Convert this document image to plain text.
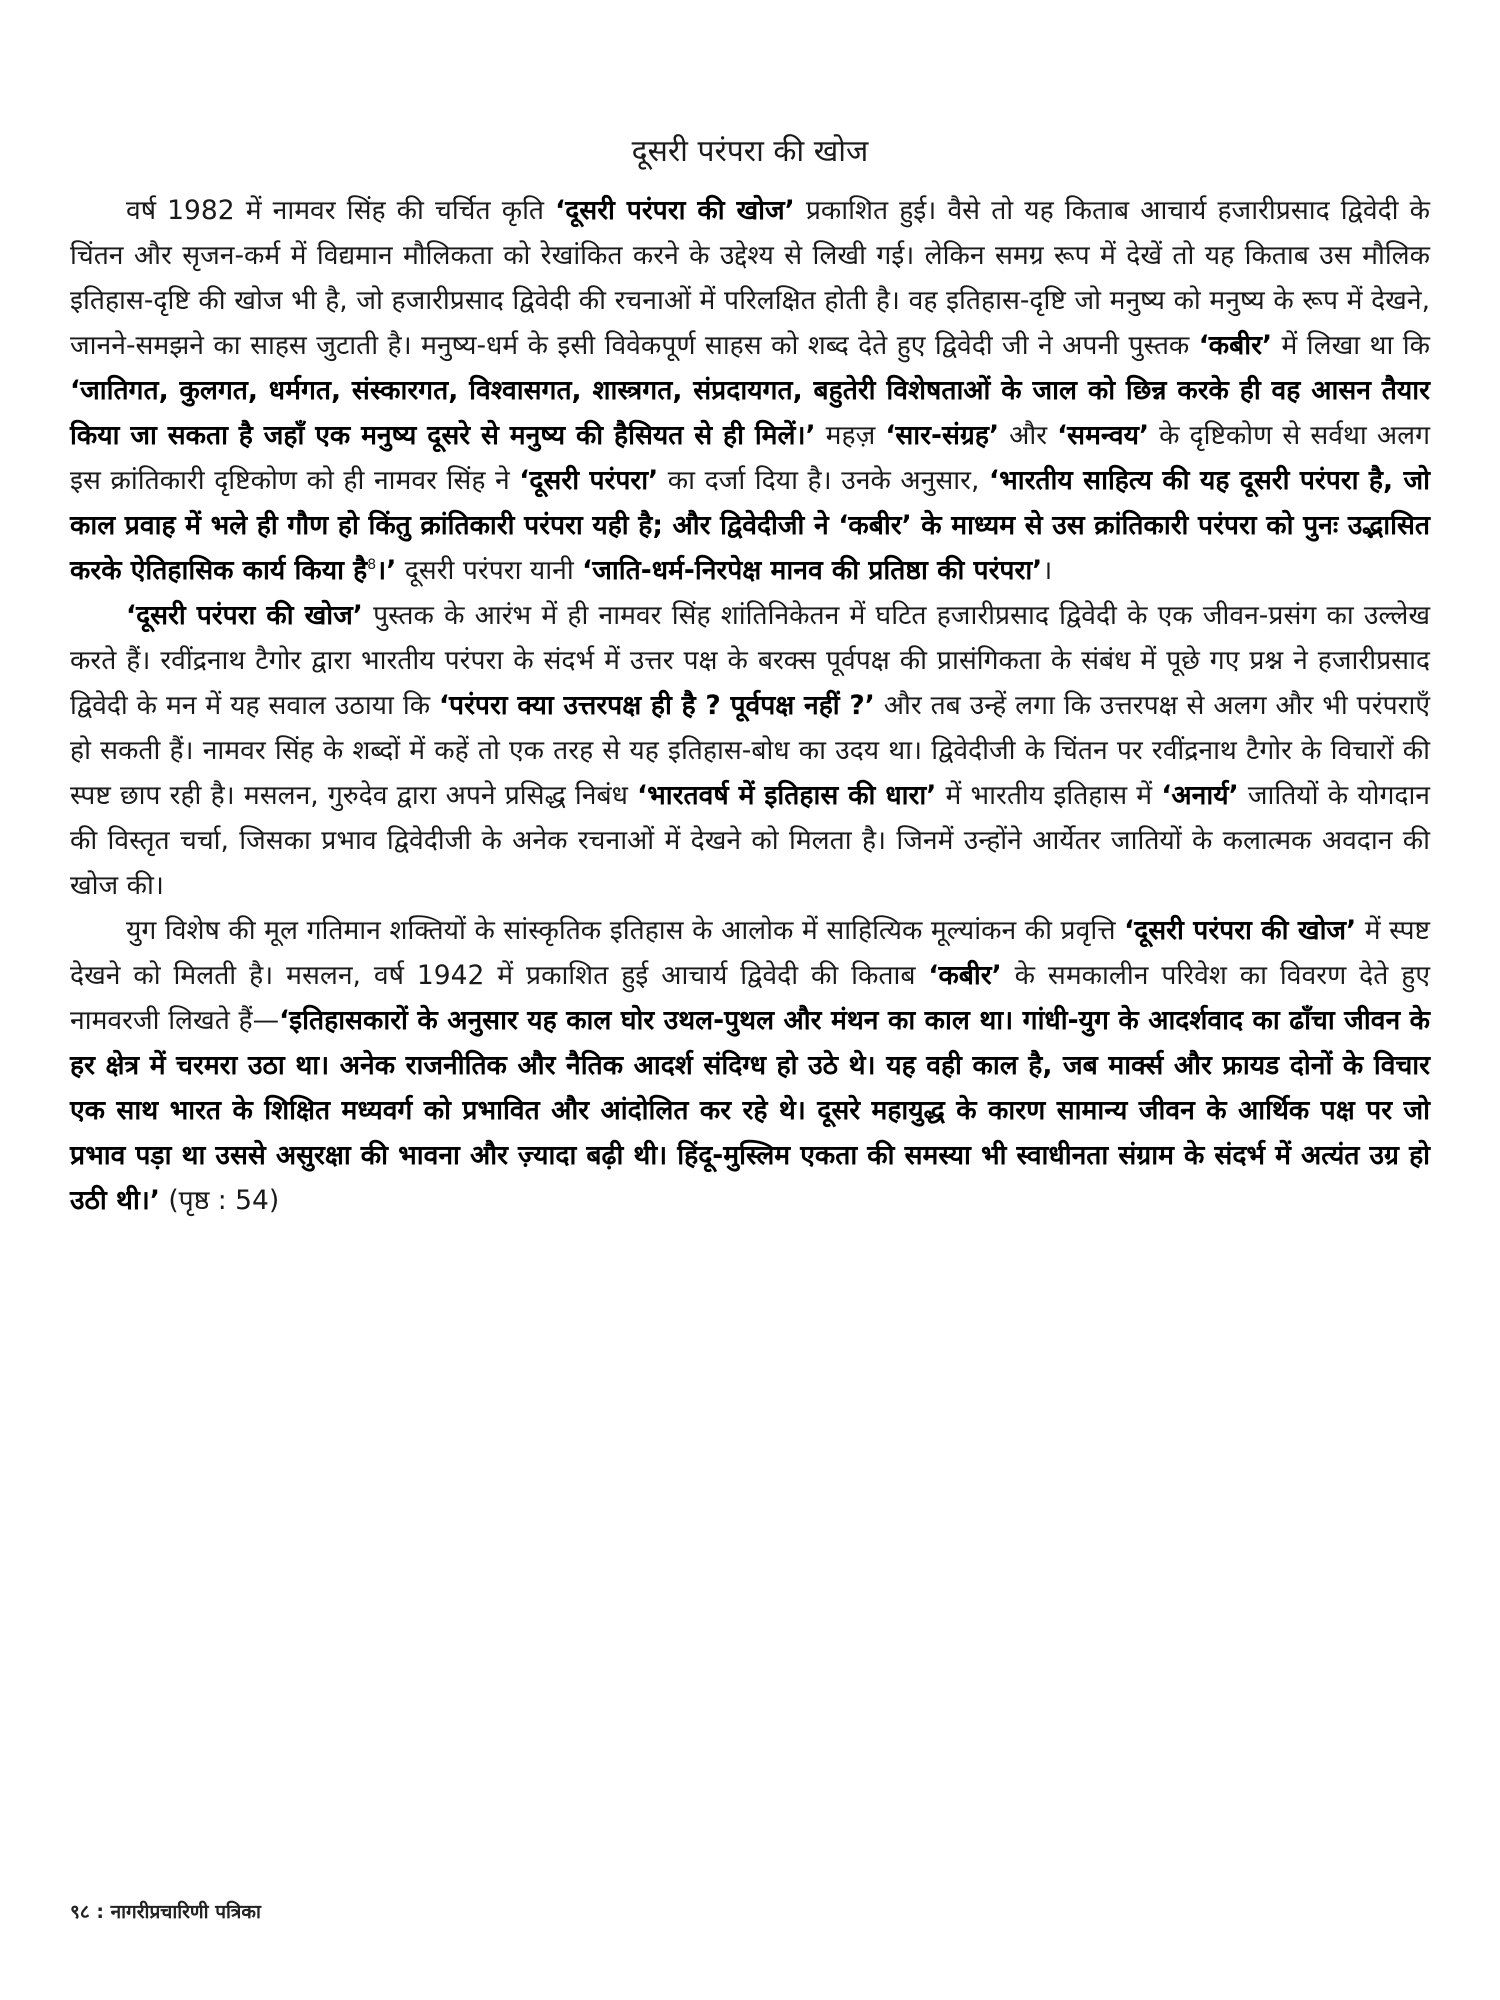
दूसरी परंपरा की खोज

वर्ष 1982 में नामवर सिंह की चर्चित कृति ‘दूसरी परंपरा की खोज’ प्रकाशित हुई। वैसे तो यह किताब आचार्य हजारीप्रसाद द्विवेदी के चिंतन और सृजन-कर्म में विद्यमान मौलिकता को रेखांकित करने के उद्देश्य से लिखी गई। लेकिन समग्र रूप में देखें तो यह किताब उस मौलिक इतिहास-दृष्टि की खोज भी है, जो हजारीप्रसाद द्विवेदी की रचनाओं में परिलक्षित होती है। वह इतिहास-दृष्टि जो मनुष्य को मनुष्य के रूप में देखने, जानने-समझने का साहस जुटाती है। मनुष्य-धर्म के इसी विवेकपूर्ण साहस को शब्द देते हुए द्विवेदी जी ने अपनी पुस्तक ‘कबीर’ में लिखा था कि ‘जातिगत, कुलगत, धर्मगत, संस्कारगत, विश्वासगत, शास्त्रगत, संप्रदायगत, बहुतेरी विशेषताओं के जाल को छिन्न करके ही वह आसन तैयार किया जा सकता है जहाँ एक मनुष्य दूसरे से मनुष्य की हैसियत से ही मिलें।’ महज़ ‘सार-संग्रह’ और ‘समन्वय’ के दृष्टिकोण से सर्वथा अलग इस क्रांतिकारी दृष्टिकोण को ही नामवर सिंह ने ‘दूसरी परंपरा’ का दर्जा दिया है। उनके अनुसार, ‘भारतीय साहित्य की यह दूसरी परंपरा है, जो काल प्रवाह में भले ही गौण हो किंतु क्रांतिकारी परंपरा यही है; और द्विवेदीजी ने ‘कबीर’ के माध्यम से उस क्रांतिकारी परंपरा को पुनः उद्भासित करके ऐतिहासिक कार्य किया है$^8$।’ दूसरी परंपरा यानी ‘जाति-धर्म-निरपेक्ष मानव की प्रतिष्ठा की परंपरा’।

‘दूसरी परंपरा की खोज’ पुस्तक के आरंभ में ही नामवर सिंह शांतिनिकेतन में घटित हजारीप्रसाद द्विवेदी के एक जीवन-प्रसंग का उल्लेख करते हैं। रवींद्रनाथ टैगोर द्वारा भारतीय परंपरा के संदर्भ में उत्तर पक्ष के बरक्स पूर्वपक्ष की प्रासंगिकता के संबंध में पूछे गए प्रश्न ने हजारीप्रसाद द्विवेदी के मन में यह सवाल उठाया कि ‘परंपरा क्या उत्तरपक्ष ही है ? पूर्वपक्ष नहीं ?’ और तब उन्हें लगा कि उत्तरपक्ष से अलग और भी परंपराएँ हो सकती हैं। नामवर सिंह के शब्दों में कहें तो एक तरह से यह इतिहास-बोध का उदय था। द्विवेदीजी के चिंतन पर रवींद्रनाथ टैगोर के विचारों की स्पष्ट छाप रही है। मसलन, गुरुदेव द्वारा अपने प्रसिद्ध निबंध ‘भारतवर्ष में इतिहास की धारा’ में भारतीय इतिहास में ‘अनार्य’ जातियों के योगदान की विस्तृत चर्चा, जिसका प्रभाव द्विवेदीजी के अनेक रचनाओं में देखने को मिलता है। जिनमें उन्होंने आर्येतर जातियों के कलात्मक अवदान की खोज की।

युग विशेष की मूल गतिमान शक्तियों के सांस्कृतिक इतिहास के आलोक में साहित्यिक मूल्यांकन की प्रवृत्ति ‘दूसरी परंपरा की खोज’ में स्पष्ट देखने को मिलती है। मसलन, वर्ष 1942 में प्रकाशित हुई आचार्य द्विवेदी की किताब ‘कबीर’ के समकालीन परिवेश का विवरण देते हुए नामवरजी लिखते हैं—‘इतिहासकारों के अनुसार यह काल घोर उथल-पुथल और मंथन का काल था। गांधी-युग के आदर्शवाद का ढाँचा जीवन के हर क्षेत्र में चरमरा उठा था। अनेक राजनीतिक और नैतिक आदर्श संदिग्ध हो उठे थे। यह वही काल है, जब मार्क्स और फ्रायड दोनों के विचार एक साथ भारत के शिक्षित मध्यवर्ग को प्रभावित और आंदोलित कर रहे थे। दूसरे महायुद्ध के कारण सामान्य जीवन के आर्थिक पक्ष पर जो प्रभाव पड़ा था उससे असुरक्षा की भावना और ज़्यादा बढ़ी थी। हिंदू-मुस्लिम एकता की समस्या भी स्वाधीनता संग्राम के संदर्भ में अत्यंत उग्र हो उठी थी।’ (पृष्ठ : 54)

९८ : नागरीप्रचारिणी पत्रिका
